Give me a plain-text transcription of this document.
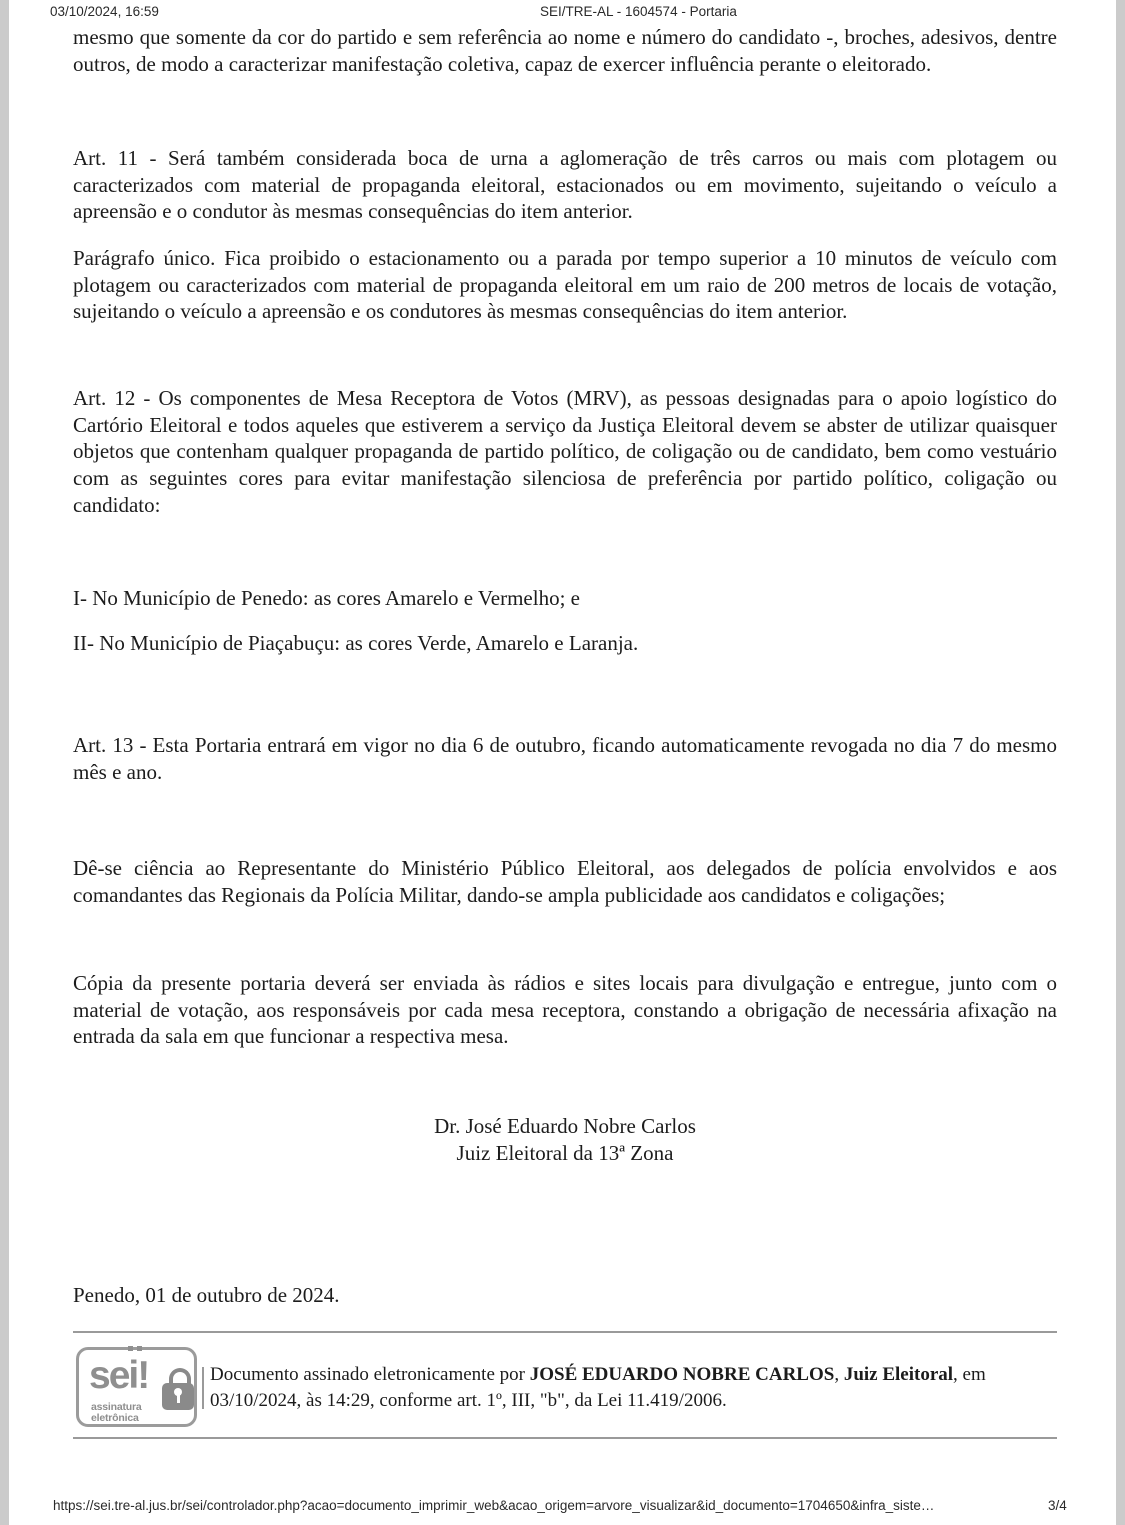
03/10/2024, 16:59	SEI/TRE-AL - 1604574 - Portaria

mesmo que somente da cor do partido e sem referência ao nome e número do candidato -, broches, adesivos, dentre outros, de modo a caracterizar manifestação coletiva, capaz de exercer influência perante o eleitorado.

Art. 11 - Será também considerada boca de urna a aglomeração de três carros ou mais com plotagem ou caracterizados com material de propaganda eleitoral, estacionados ou em movimento, sujeitando o veículo a apreensão e o condutor às mesmas consequências do item anterior.

Parágrafo único. Fica proibido o estacionamento ou a parada por tempo superior a 10 minutos de veículo com plotagem ou caracterizados com material de propaganda eleitoral em um raio de 200 metros de locais de votação, sujeitando o veículo a apreensão e os condutores às mesmas consequências do item anterior.

Art. 12 - Os componentes de Mesa Receptora de Votos (MRV), as pessoas designadas para o apoio logístico do Cartório Eleitoral e todos aqueles que estiverem a serviço da Justiça Eleitoral devem se abster de utilizar quaisquer objetos que contenham qualquer propaganda de partido político, de coligação ou de candidato, bem como vestuário com as seguintes cores para evitar manifestação silenciosa de preferência por partido político, coligação ou candidato:

I- No Município de Penedo: as cores Amarelo e Vermelho; e

II- No Município de Piaçabuçu: as cores Verde, Amarelo e Laranja.

Art. 13 - Esta Portaria entrará em vigor no dia 6 de outubro, ficando automaticamente revogada no dia 7 do mesmo mês e ano.

Dê-se ciência ao Representante do Ministério Público Eleitoral, aos delegados de polícia envolvidos e aos comandantes das Regionais da Polícia Militar, dando-se ampla publicidade aos candidatos e coligações;

Cópia da presente portaria deverá ser enviada às rádios e sites locais para divulgação e entregue, junto com o material de votação, aos responsáveis por cada mesa receptora, constando a obrigação de necessária afixação na entrada da sala em que funcionar a respectiva mesa.

Dr. José Eduardo Nobre Carlos
Juiz Eleitoral da 13ª Zona

Penedo, 01 de outubro de 2024.

sei!
assinatura
eletrônica

Documento assinado eletronicamente por JOSÉ EDUARDO NOBRE CARLOS, Juiz Eleitoral, em 03/10/2024, às 14:29, conforme art. 1º, III, "b", da Lei 11.419/2006.

https://sei.tre-al.jus.br/sei/controlador.php?acao=documento_imprimir_web&acao_origem=arvore_visualizar&id_documento=1704650&infra_siste…	3/4
